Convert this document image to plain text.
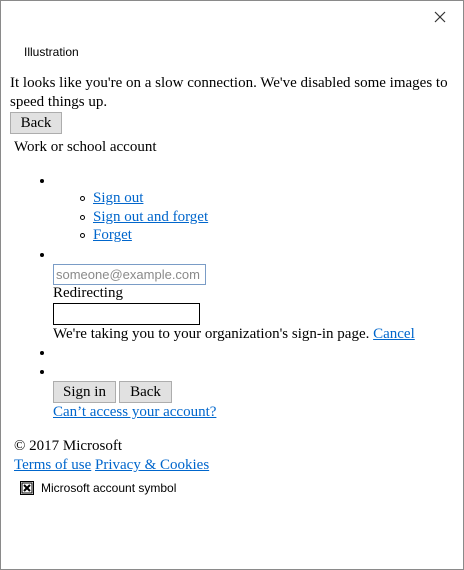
Illustration
It looks like you're on a slow connection. We've disabled some images to speed things up.
Back
Work or school account
Sign out
Sign out and forget
Forget
someone@example.com
Redirecting
We're taking you to your organization's sign-in page. Cancel
Sign in	Back
Can’t access your account?
© 2017 Microsoft
Terms of use Privacy & Cookies
Microsoft account symbol
